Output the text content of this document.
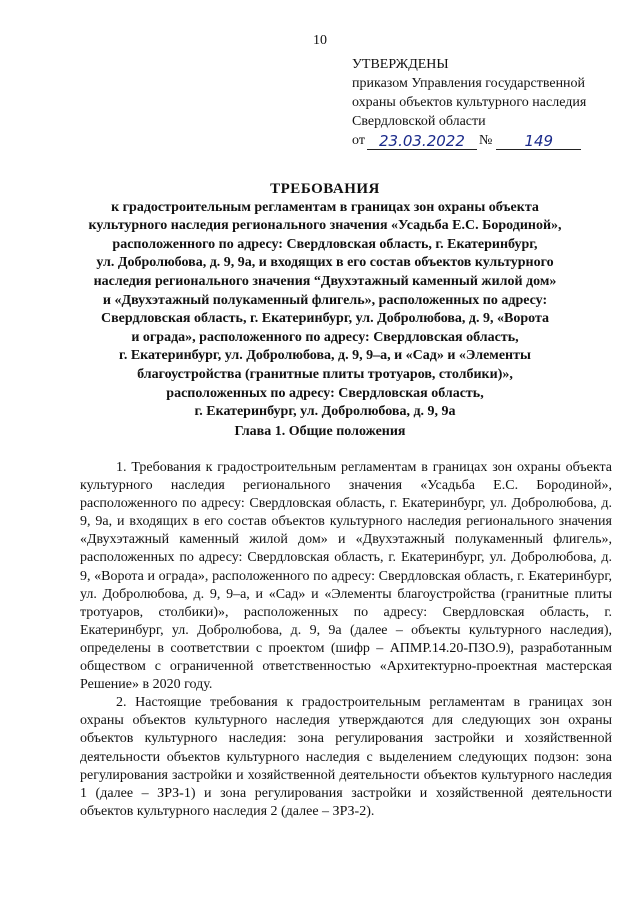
10
УТВЕРЖДЕНЫ
приказом Управления государственной
охраны объектов культурного наследия
Свердловской области
от 23.03.2022	№	149
ТРЕБОВАНИЯ
к градостроительным регламентам в границах зон охраны объекта
культурного наследия регионального значения «Усадьба Е.С. Бородиной»,
расположенного по адресу: Свердловская область, г. Екатеринбург,
ул. Добролюбова, д. 9, 9а, и входящих в его состав объектов культурного
наследия регионального значения “Двухэтажный каменный жилой дом»
и «Двухэтажный полукаменный флигель», расположенных по адресу:
Свердловская область, г. Екатеринбург, ул. Добролюбова, д. 9, «Ворота
и ограда», расположенного по адресу: Свердловская область,
г. Екатеринбург, ул. Добролюбова, д. 9, 9–а, и «Сад» и «Элементы
благоустройства (гранитные плиты тротуаров, столбики)»,
расположенных по адресу: Свердловская область,
г. Екатеринбург, ул. Добролюбова, д. 9, 9а
Глава 1. Общие положения

1. Требования к градостроительным регламентам в границах зон охраны объекта культурного наследия регионального значения «Усадьба Е.С. Бородиной», расположенного по адресу: Свердловская область, г. Екатеринбург, ул. Добролюбова, д. 9, 9а, и входящих в его состав объектов культурного наследия регионального значения «Двухэтажный каменный жилой дом» и «Двухэтажный полукаменный флигель», расположенных по адресу: Свердловская область, г. Екатеринбург, ул. Добролюбова, д. 9, «Ворота и ограда», расположенного по адресу: Свердловская область, г. Екатеринбург, ул. Добролюбова, д. 9, 9–а, и «Сад» и «Элементы благоустройства (гранитные плиты тротуаров, столбики)», расположенных по адресу: Свердловская область, г. Екатеринбург, ул. Добролюбова, д. 9, 9а (далее – объекты культурного наследия), определены в соответствии с проектом (шифр – АПМР.14.20-ПЗО.9), разработанным обществом с ограниченной ответственностью «Архитектурно-проектная мастерская Решение» в 2020 году.

2. Настоящие требования к градостроительным регламентам в границах зон охраны объектов культурного наследия утверждаются для следующих зон охраны объектов культурного наследия: зона регулирования застройки и хозяйственной деятельности объектов культурного наследия с выделением следующих подзон: зона регулирования застройки и хозяйственной деятельности объектов культурного наследия 1 (далее – ЗРЗ-1) и зона регулирования застройки и хозяйственной деятельности объектов культурного наследия 2 (далее – ЗРЗ-2).
